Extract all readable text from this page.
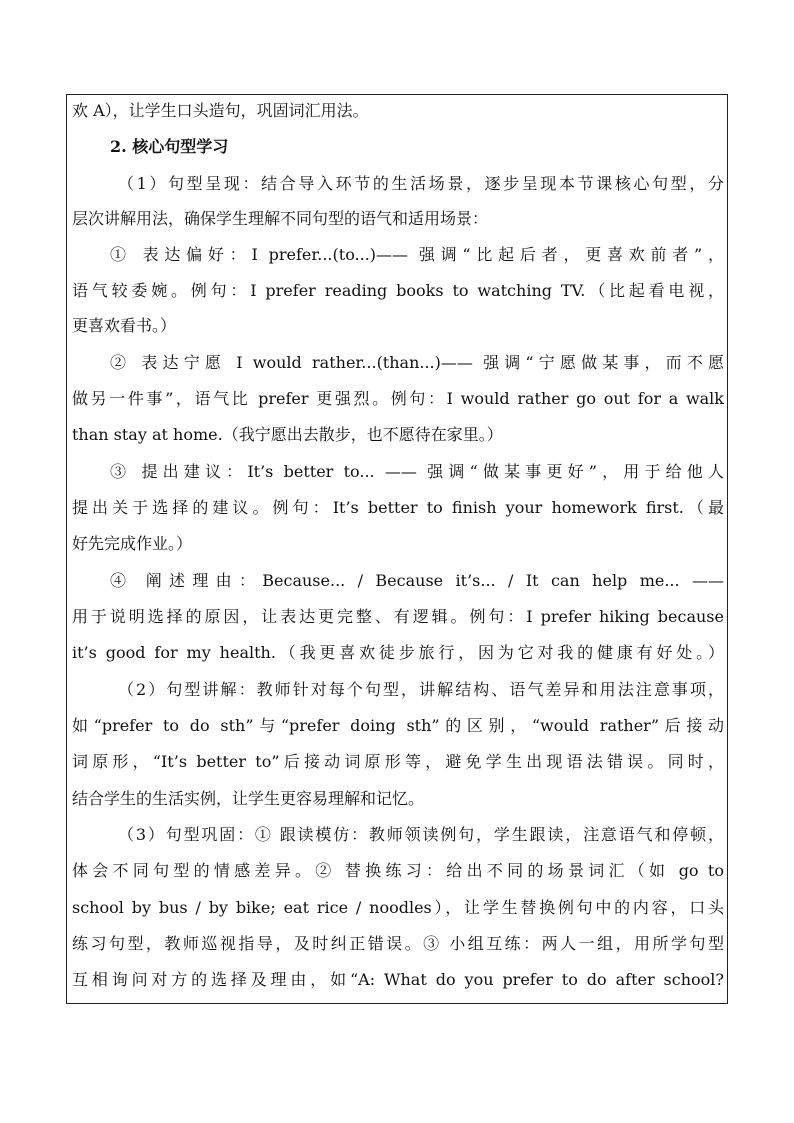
欢 A），让学生口头造句，巩固词汇用法。
2. 核心句型学习
（1）句型呈现：结合导入环节的生活场景，逐步呈现本节课核心句型，分
层次讲解用法，确保学生理解不同句型的语气和适用场景：
① 表达偏好：I prefer...(to...)—— 强调“比起后者，更喜欢前者”，
语气较委婉。例句：I prefer reading books to watching TV.（比起看电视，
更喜欢看书。）
② 表达宁愿 I would rather...(than...)—— 强调“宁愿做某事，而不愿
做另一件事”，语气比 prefer 更强烈。例句：I would rather go out for a walk
than stay at home.（我宁愿出去散步，也不愿待在家里。）
③ 提出建议：It’s better to... —— 强调“做某事更好”，用于给他人
提出关于选择的建议。例句：It’s better to finish your homework first.（最
好先完成作业。）
④ 阐述理由：Because... / Because it’s... / It can help me... ——
用于说明选择的原因，让表达更完整、有逻辑。例句：I prefer hiking because
it’s good for my health.（我更喜欢徒步旅行，因为它对我的健康有好处。）
（2）句型讲解：教师针对每个句型，讲解结构、语气差异和用法注意事项，
如“prefer to do sth”与“prefer doing sth”的区别，“would rather”后接动
词原形，“It’s better to”后接动词原形等，避免学生出现语法错误。同时，
结合学生的生活实例，让学生更容易理解和记忆。
（3）句型巩固：① 跟读模仿：教师领读例句，学生跟读，注意语气和停顿，
体会不同句型的情感差异。② 替换练习：给出不同的场景词汇（如 go to
school by bus / by bike; eat rice / noodles），让学生替换例句中的内容，口头
练习句型，教师巡视指导，及时纠正错误。③ 小组互练：两人一组，用所学句型
互相询问对方的选择及理由，如“A: What do you prefer to do after school?
